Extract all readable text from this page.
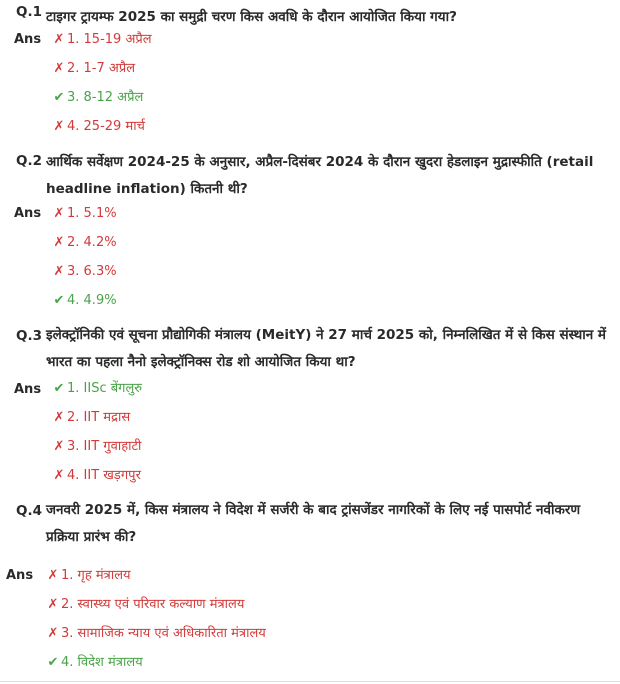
Q.1 टाइगर ट्रायम्फ 2025 का समुद्री चरण किस अवधि के दौरान आयोजित किया गया?
Ans ✗ 1. 15-19 अप्रैल
✗ 2. 1-7 अप्रैल
✔ 3. 8-12 अप्रैल
✗ 4. 25-29 मार्च
Q.2 आर्थिक सर्वेक्षण 2024-25 के अनुसार, अप्रैल-दिसंबर 2024 के दौरान खुदरा हेडलाइन मुद्रास्फीति (retail headline inflation) कितनी थी?
Ans ✗ 1. 5.1%
✗ 2. 4.2%
✗ 3. 6.3%
✔ 4. 4.9%
Q.3 इलेक्ट्रॉनिकी एवं सूचना प्रौद्योगिकी मंत्रालय (MeitY) ने 27 मार्च 2025 को, निम्नलिखित में से किस संस्थान में भारत का पहला नैनो इलेक्ट्रॉनिक्स रोड शो आयोजित किया था?
Ans ✔ 1. IISc बेंगलुरु
✗ 2. IIT मद्रास
✗ 3. IIT गुवाहाटी
✗ 4. IIT खड़गपुर
Q.4 जनवरी 2025 में, किस मंत्रालय ने विदेश में सर्जरी के बाद ट्रांसजेंडर नागरिकों के लिए नई पासपोर्ट नवीकरण प्रक्रिया प्रारंभ की?
Ans ✗ 1. गृह मंत्रालय
✗ 2. स्वास्थ्य एवं परिवार कल्याण मंत्रालय
✗ 3. सामाजिक न्याय एवं अधिकारिता मंत्रालय
✔ 4. विदेश मंत्रालय
